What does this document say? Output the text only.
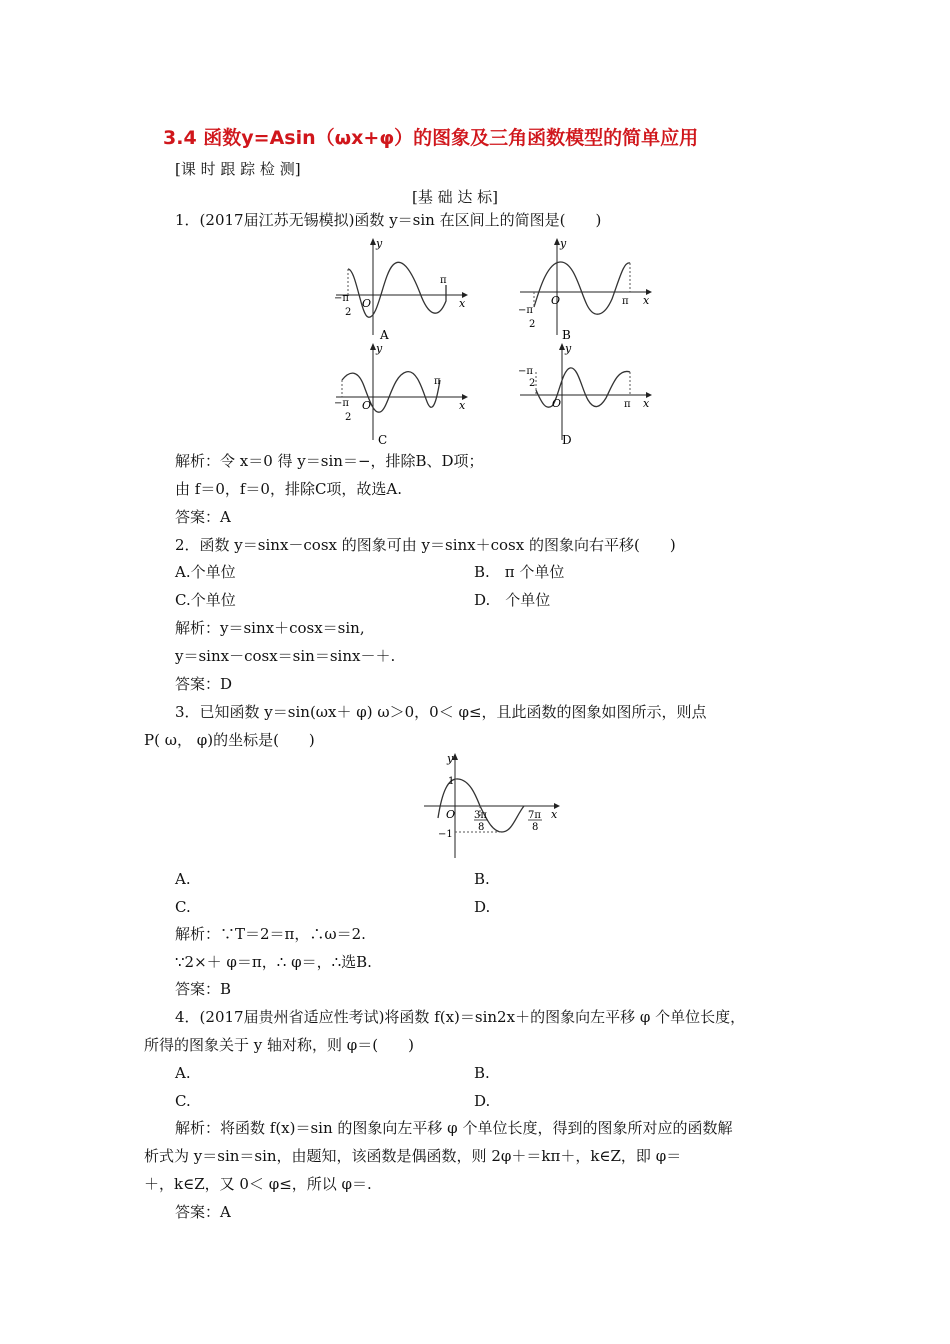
3.4 函数y=Asin（ωx+φ）的图象及三角函数模型的简单应用
[课 时 跟 踪 检 测]
[基 础 达 标]
1．(2017届江苏无锡模拟)函数 y＝sin 在区间上的简图是(　　)
y
x
O
π
−π
2
A
y
x
O	π
−π
2
B
y
x
O
π
−π
2
C
y
x
O	π
−π
2
D
解析：令 x＝0 得 y＝sin＝−，排除B、D项；
由 f＝0，f＝0，排除C项，故选A.
答案：A
2．函数 y＝sinx－cosx 的图象可由 y＝sinx＋cosx 的图象向右平移(　　)
A.个单位	B.　π 个单位
C.个单位	D.　个单位
解析：y＝sinx＋cosx＝sin,
y＝sinx－cosx＝sin＝sinx－＋.
答案：D
3．已知函数 y＝sin(ωx＋ φ) ω＞0，0＜ φ≤，且此函数的图象如图所示，则点
P( ω， φ)的坐标是(　　)
y
x
1
−1
O 3π
8
7π
8
A.	B.
C.	D.
解析：∵T＝2＝π，∴ω＝2.
∵2×＋ φ＝π，∴ φ＝，∴选B.
答案：B
4．(2017届贵州省适应性考试)将函数 f(x)＝sin2x＋的图象向左平移 φ 个单位长度，
所得的图象关于 y 轴对称，则 φ＝(　　)
A.	B.
C.	D.
解析：将函数 f(x)＝sin 的图象向左平移 φ 个单位长度，得到的图象所对应的函数解
析式为 y＝sin＝sin，由题知，该函数是偶函数，则 2φ＋＝kπ＋，k∈Z，即 φ＝
＋，k∈Z，又 0＜ φ≤，所以 φ＝.
答案：A
